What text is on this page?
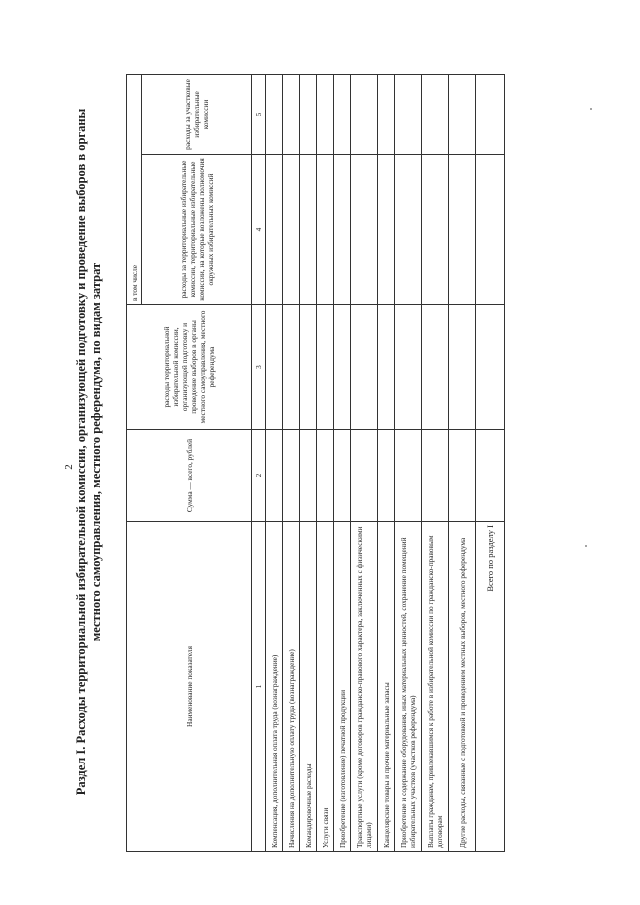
2 Раздел I. Расходы территориальной избирательной комиссии, организующей подготовку и проведение выборов в органы местного самоуправления, местного референдума, по видам затрат
Наименование показателя	Сумма — всего, рублей	расходы территориальной избирательной комиссии, организующей подготовку и проведение выборов в органы местного самоуправления, местного референдума	в том числе	
			расходы за территориальные избирательные комиссии, территориальные избирательные комиссии, на которые возложены полномочия окружных избирательных комиссий	расходы за участковые избирательные комиссии
1	2	3	4	5
Компенсация, дополнительная оплата труда (вознаграждение)				
Начисления на дополнительную оплату труда (вознаграждение)				
Командировочные расходы				
Услуги связи				
Приобретение (изготовление) печатной продукции				
Транспортные услуги (кроме договоров гражданско-правового характера, заключенных с физическими лицами)				
Канцелярские товары и прочие материальные запасы				
Приобретение и содержание оборудования, иных материальных ценностей, сохранение помещений избирательных участков (участков референдума)				
Выплаты гражданам, привлекавшимся к работе в избирательной комиссии по гражданско-правовым договорам				
Другие расходы, связанные с подготовкой и проведением местных выборов, местного референдума				
Всего по разделу I				
